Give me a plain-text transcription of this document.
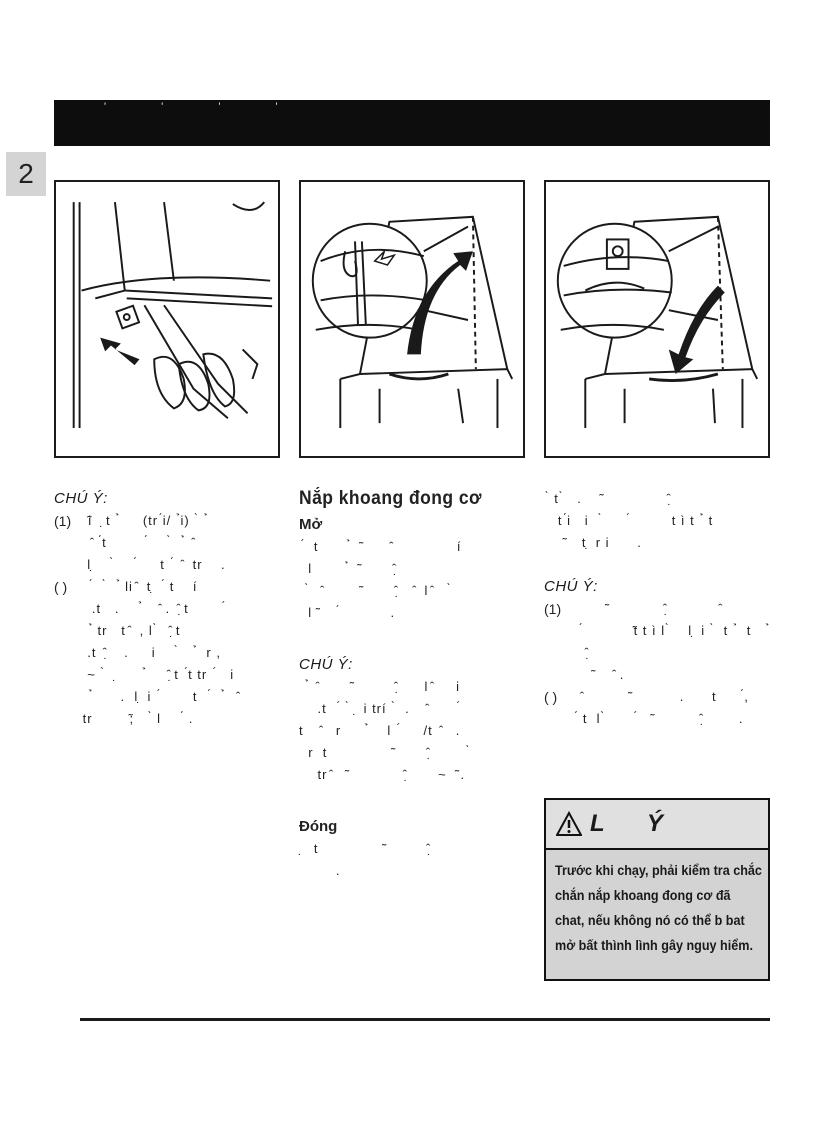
' ' ' '
2

CHÚ Ý:

(1)	̃i   ̣t  ̉     (tr ́i/  ̉i)  ̀  ̉
̂  ́t         ́     ̀   ̉  ̂
l ̣    ̀     ́     t  ́  ̂  tr    .
( )	́   ̀   ̉ li ̂  t ̣  ́ t    í
.t   .     ̉    ̂ .  ̂ ̣t        ́
̉ tr   t ̂  , l ̀   ̂ ̣t
.t  ̂ ̣   .     i     ̀    ̉  r ,
~  ̀   ̣      ̉     ̂ ̣t  ́t tr  ́   i
̉      .  l ̣ i  ́       t   ́   ̉   ̂
tr        ̃;    ̀ l     ́ .

Nắp khoang đong cơ

Mở

́  t       ̉  ̃       ̂              í
l        ̉  ̃        ̂ ̣
̀   ̂        ̃        ̂ ̣   ̂  l ̂    ̀
l ̃     ́           .

CHÚ Ý:

̉  ̂       ̃          ̂ ̣     l ̂     i
.t   ́  ̀  ̣ i trí  ̀  .    ̂       ́
t    ̂   r      ̉    l  ́     /t  ̂   .
r  t              ̃        ̂ ̣        ̀
tr ̂   ̃             ̂ ̣      ~  ̃ .

Đóng

̣  t              ̃          ̂ ̣
.

̀ t ̀   .    ̃               ̂ ̣
t ́i   i   ̀      ́         t ì t  ̉ t
̃    t ̣ r i      .

CHÚ Ý:

(1)	̃             ̂ ̣           ̂
́           ̃t t ì l ̀    l ̣ i  ̀  t  ̉  t    ̉
̂ ̣
̃     ̂ .
( )	̂          ̃           .      t      ́,
́ t  l ̀       ́   ̃           ̂ ̣       .
L Ý
Trước khi chạy, phải kiểm tra chắc chắn nắp khoang đong cơ đã chat, nếu không nó có thể b bat mở bất thình lình gây nguy hiểm.
